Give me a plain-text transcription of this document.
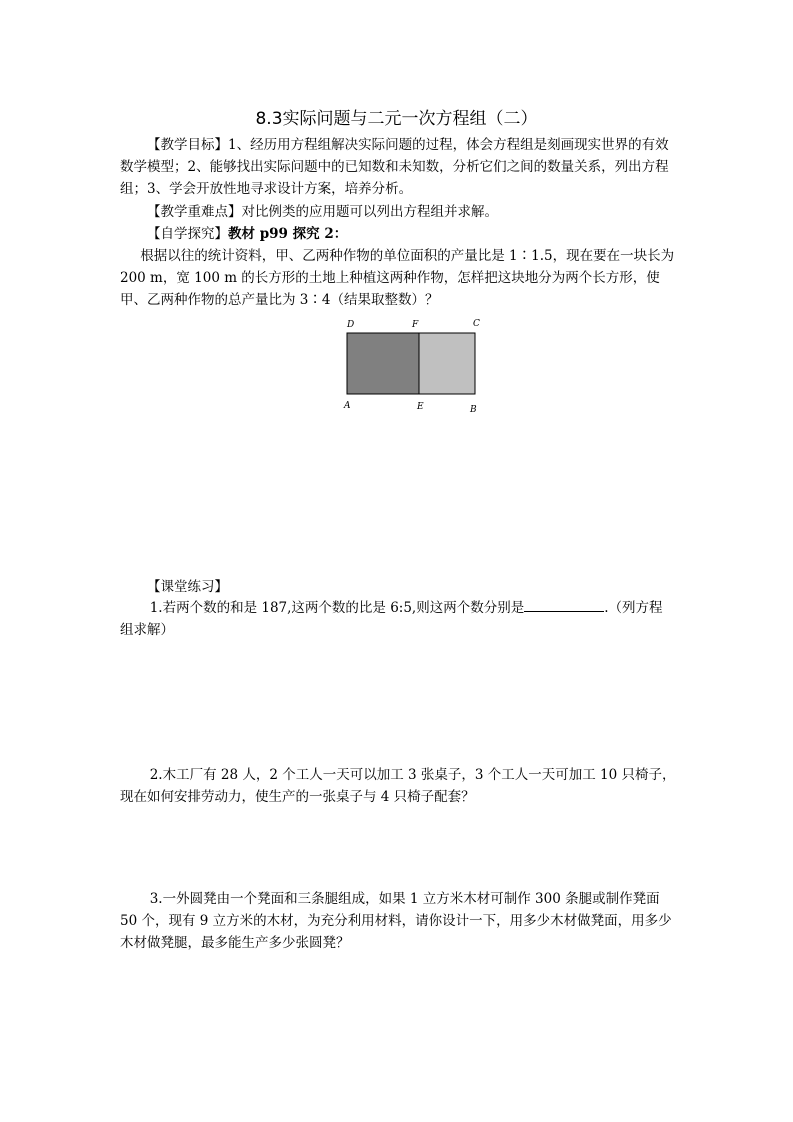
8.3实际问题与二元一次方程组（二）
【教学目标】1、经历用方程组解决实际问题的过程，体会方程组是刻画现实世界的有效数学模型；2、能够找出实际问题中的已知数和未知数，分析它们之间的数量关系，列出方程组；3、学会开放性地寻求设计方案，培养分析。
【教学重难点】对比例类的应用题可以列出方程组并求解。
【自学探究】教材 p99 探究 2：
根据以往的统计资料，甲、乙两种作物的单位面积的产量比是 1∶1.5，现在要在一块长为 200 m，宽 100 m 的长方形的土地上种植这两种作物，怎样把这块地分为两个长方形，使甲、乙两种作物的总产量比为 3∶4（结果取整数）？
D	F	C
A	E	B
【课堂练习】
1.若两个数的和是 187,这两个数的比是 6:5,则这两个数分别是	.（列方程组求解）
2.木工厂有 28 人，2 个工人一天可以加工 3 张桌子，3 个工人一天可加工 10 只椅子，现在如何安排劳动力，使生产的一张桌子与 4 只椅子配套？
3.一外圆凳由一个凳面和三条腿组成，如果 1 立方米木材可制作 300 条腿或制作凳面 50 个，现有 9 立方米的木材，为充分利用材料，请你设计一下，用多少木材做凳面，用多少木材做凳腿，最多能生产多少张圆凳？
